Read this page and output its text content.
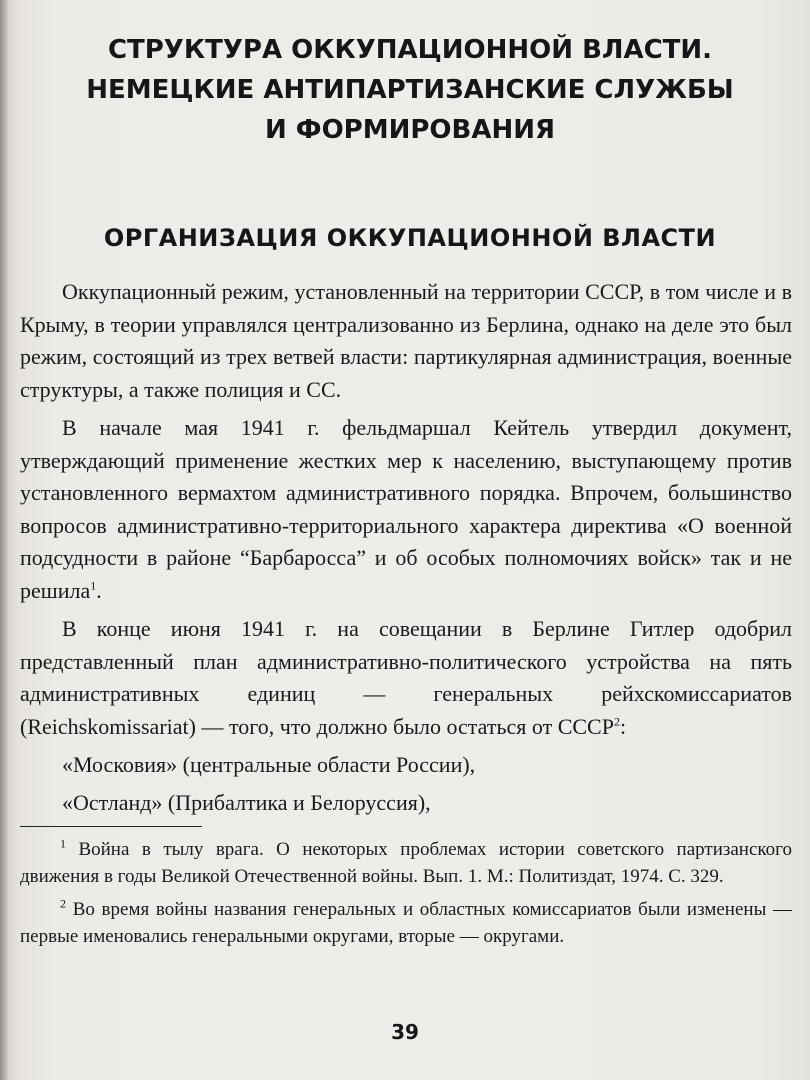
СТРУКТУРА ОККУПАЦИОННОЙ ВЛАСТИ.
НЕМЕЦКИЕ АНТИПАРТИЗАНСКИЕ СЛУЖБЫ
И ФОРМИРОВАНИЯ
ОРГАНИЗАЦИЯ ОККУПАЦИОННОЙ ВЛАСТИ

Оккупационный режим, установленный на территории СССР, в том числе и в Крыму, в теории управлялся централизованно из Берлина, однако на деле это был режим, состоящий из трех ветвей власти: партикулярная администрация, военные структуры, а также полиция и СС.

В начале мая 1941 г. фельдмаршал Кейтель утвердил документ, утверждающий применение жестких мер к населению, выступающему против установленного вермахтом административного порядка. Впрочем, большинство вопросов административно-территориального характера директива «О военной подсудности в районе “Барбаросса” и об особых полномочиях войск» так и не решила$^1$.

В конце июня 1941 г. на совещании в Берлине Гитлер одобрил представленный план административно-политического устройства на пять административных единиц — генеральных рейхскомиссариатов (Reichskomissariat) — того, что должно было остаться от СССР$^2$:

«Московия» (центральные области России),

«Остланд» (Прибалтика и Белоруссия),

$^1$ Война в тылу врага. О некоторых проблемах истории советского партизанского движения в годы Великой Отечественной войны. Вып. 1. М.: Политиздат, 1974. С. 329.

$^2$ Во время войны названия генеральных и областных комиссариатов были изменены — первые именовались генеральными округами, вторые — округами.

39
